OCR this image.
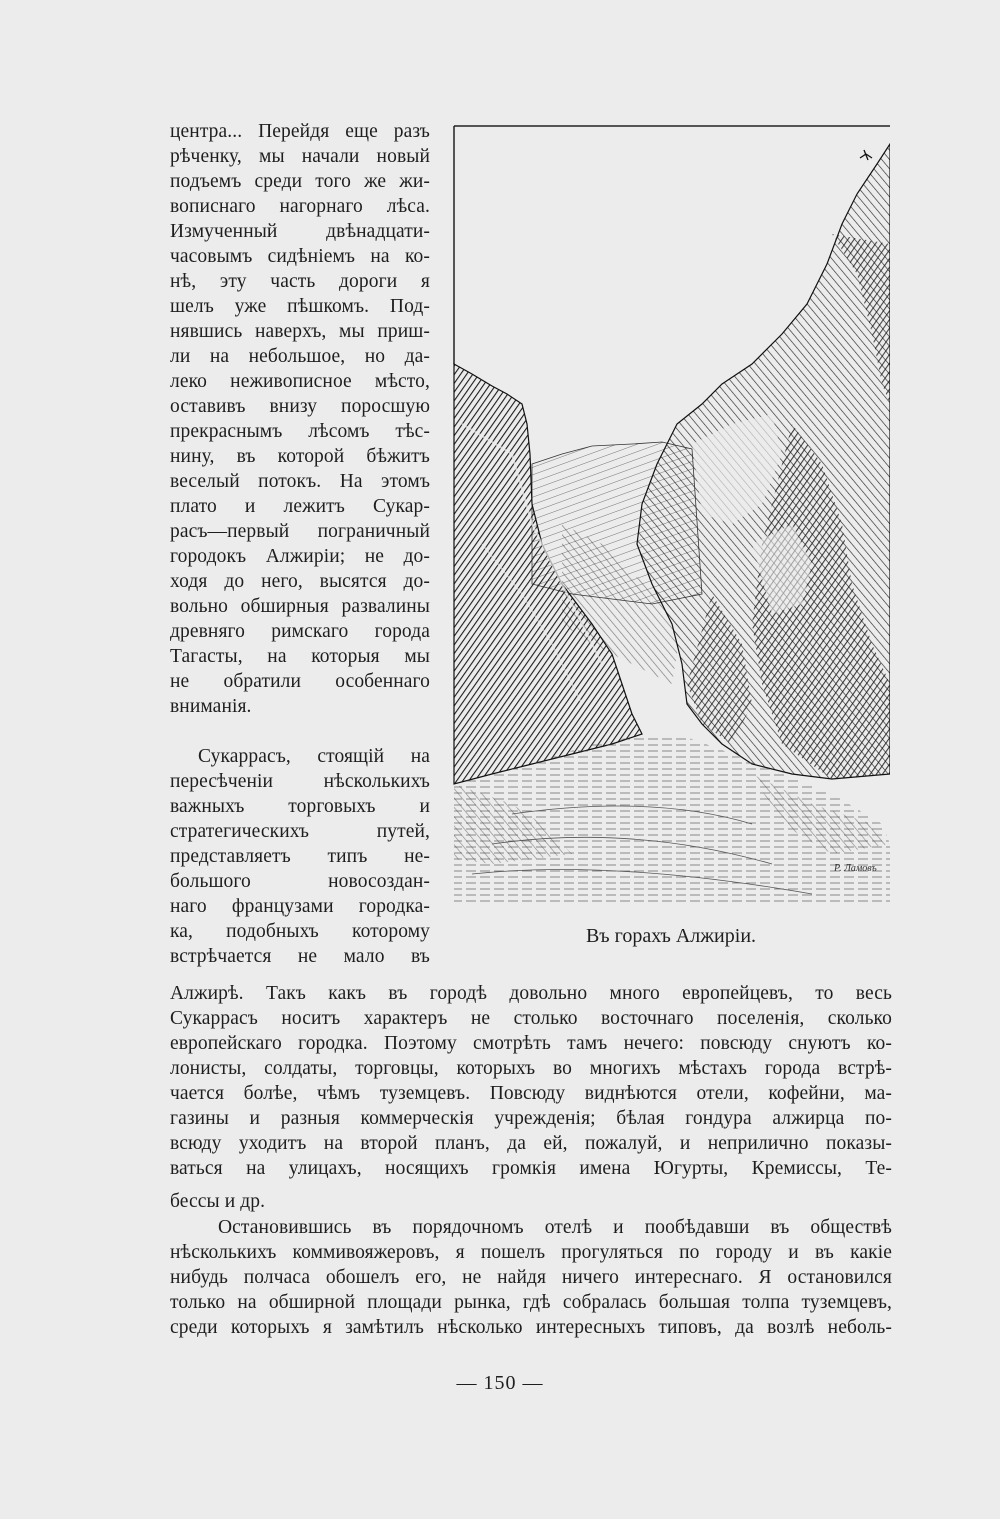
центра... Перейдя еще разъ
рѣченку, мы начали новый
подъемъ среди того же жи-
вописнаго нагорнаго лѣса.
Измученный двѣнадцати-
часовымъ сидѣніемъ на ко-
нѣ, эту часть дороги я
шелъ уже пѣшкомъ. Под-
нявшись наверхъ, мы приш-
ли на небольшое, но да-
леко неживописное мѣсто,
оставивъ внизу поросшую
прекраснымъ лѣсомъ тѣс-
нину, въ которой бѣжитъ
веселый потокъ. На этомъ
плато и лежитъ Сукар-
расъ—первый пограничный
городокъ Алжиріи; не до-
ходя до него, высятся до-
вольно обширныя развалины
древняго римскаго города
Тагасты, на которыя мы
не обратили особеннаго
вниманія.
Сукаррасъ, стоящій на
пересѣченіи нѣсколькихъ
важныхъ торговыхъ и
стратегическихъ путей,
представляетъ типъ не-
большого новосоздан-
наго французами городка-
ка, подобныхъ которому
встрѣчается не мало въ
Р. Ламовъ
Въ горахъ Алжиріи.
Алжирѣ. Такъ какъ въ городѣ довольно много европейцевъ, то весь
Сукаррасъ носитъ характеръ не столько восточнаго поселенія, сколько
европейскаго городка. Поэтому смотрѣть тамъ нечего: повсюду снуютъ ко-
лонисты, солдаты, торговцы, которыхъ во многихъ мѣстахъ города встрѣ-
чается болѣе, чѣмъ туземцевъ. Повсюду виднѣются отели, кофейни, ма-
газины и разныя коммерческія учрежденія; бѣлая гондура алжирца по-
всюду уходитъ на второй планъ, да ей, пожалуй, и неприлично показы-
ваться на улицахъ, носящихъ громкія имена Югурты, Кремиссы, Те-
бессы и др.
Остановившись въ порядочномъ отелѣ и пообѣдавши въ обществѣ
нѣсколькихъ коммивояжеровъ, я пошелъ прогуляться по городу и въ какіе
нибудь полчаса обошелъ его, не найдя ничего интереснаго. Я остановился
только на обширной площади рынка, гдѣ собралась большая толпа туземцевъ,
среди которыхъ я замѣтилъ нѣсколько интересныхъ типовъ, да возлѣ неболь-
— 150 —
